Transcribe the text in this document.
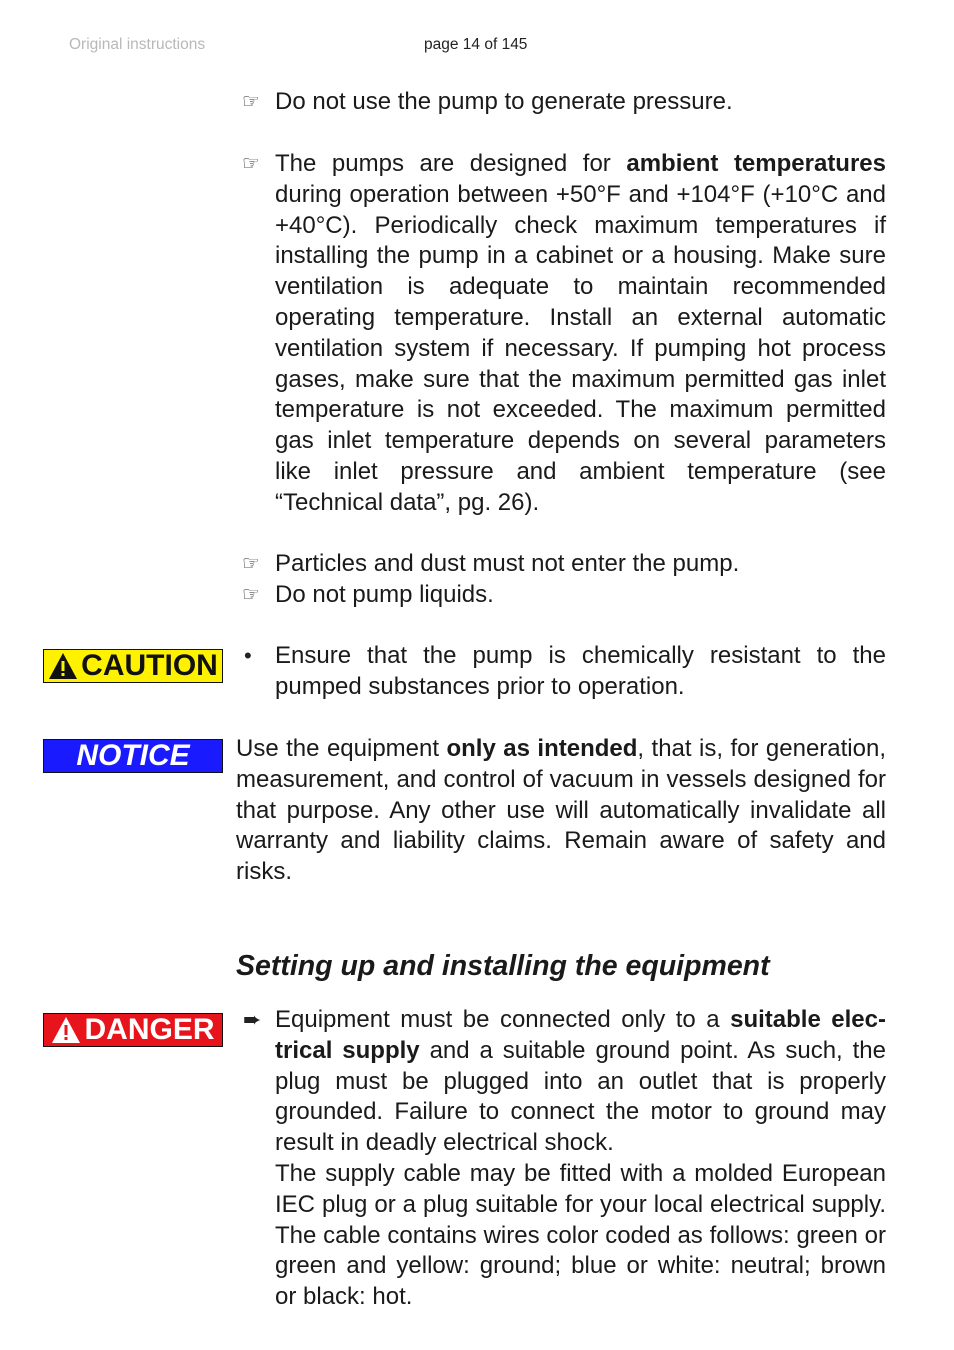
Original instructions	page 14 of 145
☞ Do not use the pump to generate pressure.
☞ The pumps are designed for ambient temperatures during operation between +50°F and +104°F (+10°C and +40°C). Periodically check maximum temperatures if installing the pump in a cabinet or a housing. Make sure ventilation is adequate to maintain recommended operating temperature. Install an external automatic ventilation system if necessary. If pumping hot process gases, make sure that the maximum permitted gas inlet temperature is not exceeded. The maximum permitted gas inlet temperature depends on several parameters like inlet pressure and ambient temperature (see “Technical data”, pg. 26).
☞ Particles and dust must not enter the pump.
☞ Do not pump liquids.
CAUTION • Ensure that the pump is chemically resistant to the pumped substances prior to operation.
NOTICE Use the equipment only as intended, that is, for generation, measurement, and control of vacuum in vessels designed for that purpose. Any other use will automatically invalidate all warranty and liability claims. Remain aware of safety and risks.
Setting up and installing the equipment
DANGER ➨ Equipment must be connected only to a suitable electrical supply and a suitable ground point. As such, the plug must be plugged into an outlet that is properly grounded. Failure to connect the motor to ground may result in deadly electrical shock.
The supply cable may be fitted with a molded European IEC plug or a plug suitable for your local electrical supply. The cable contains wires color coded as follows: green or green and yellow: ground; blue or white: neutral; brown or black: hot.
